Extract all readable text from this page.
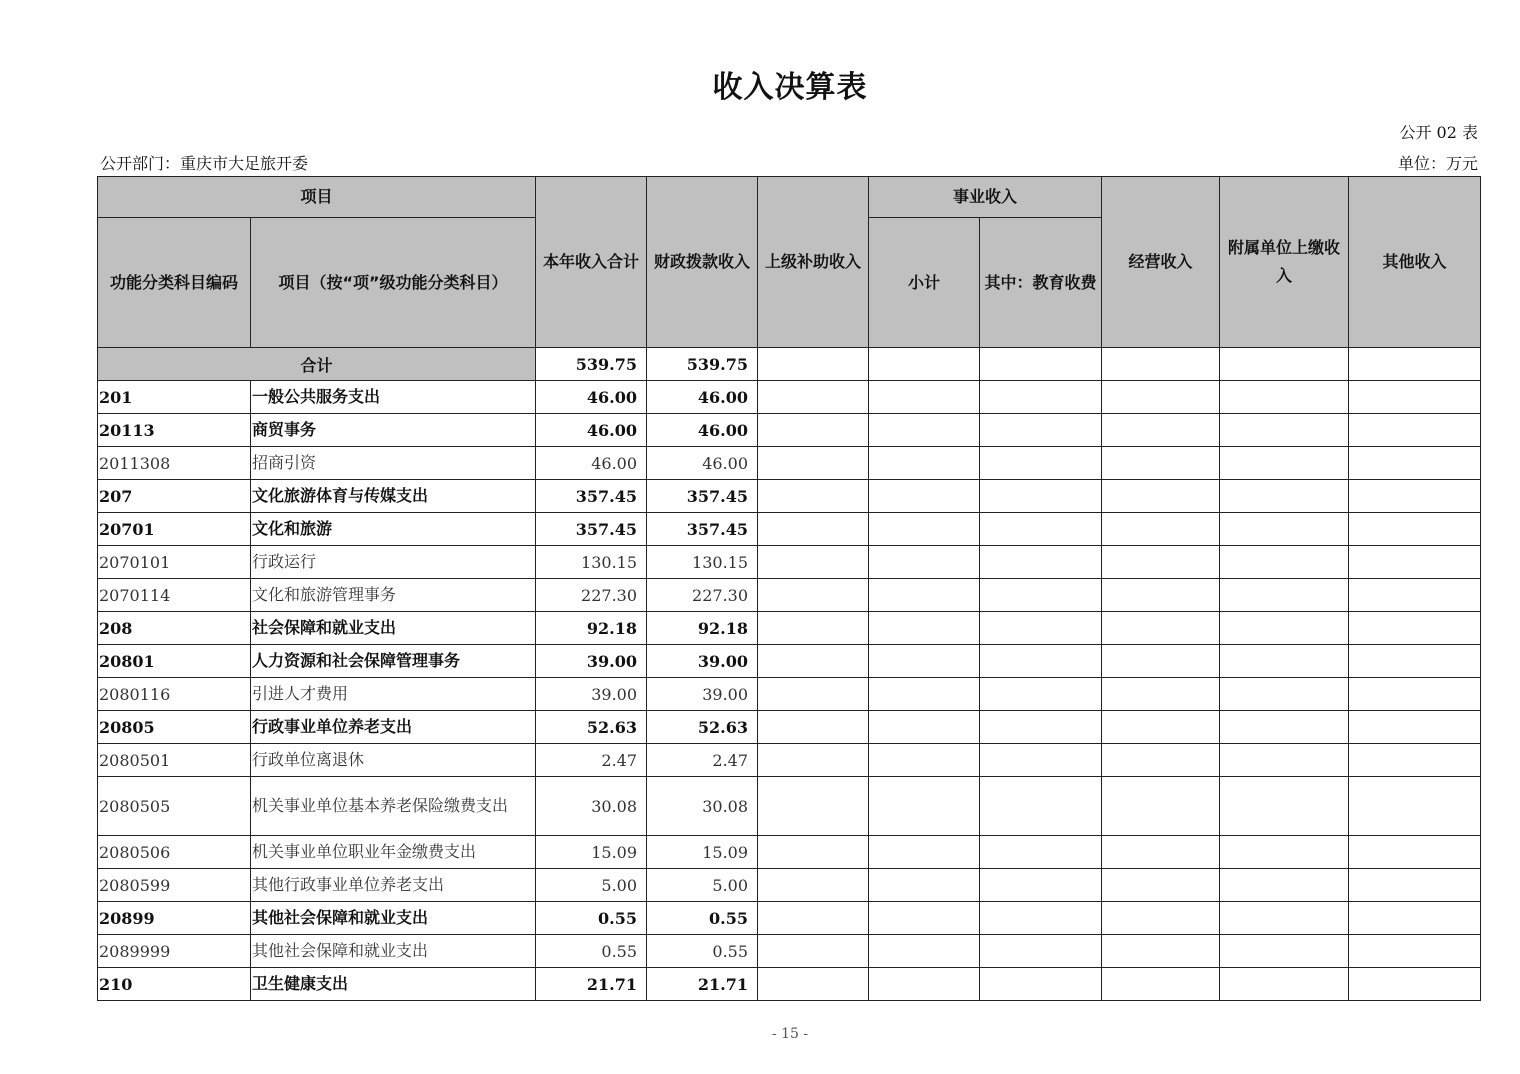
收入决算表
公开 02 表
公开部门：重庆市大足旅开委	单位：万元
项目		本年收入合计	财政拨款收入	上级补助收入	事业收入		经营收入	附属单位上缴收入	其他收入
功能分类科目编码	项目（按“项”级功能分类科目）				小计	其中：教育收费			
合计		539.75	539.75						
201	一般公共服务支出	46.00	46.00						
20113	商贸事务	46.00	46.00						
2011308	招商引资	46.00	46.00						
207	文化旅游体育与传媒支出	357.45	357.45						
20701	文化和旅游	357.45	357.45						
2070101	行政运行	130.15	130.15						
2070114	文化和旅游管理事务	227.30	227.30						
208	社会保障和就业支出	92.18	92.18						
20801	人力资源和社会保障管理事务	39.00	39.00						
2080116	引进人才费用	39.00	39.00						
20805	行政事业单位养老支出	52.63	52.63						
2080501	行政单位离退休	2.47	2.47						
2080505	机关事业单位基本养老保险缴费支出	30.08	30.08						
2080506	机关事业单位职业年金缴费支出	15.09	15.09						
2080599	其他行政事业单位养老支出	5.00	5.00						
20899	其他社会保障和就业支出	0.55	0.55						
2089999	其他社会保障和就业支出	0.55	0.55						
210	卫生健康支出	21.71	21.71						
- 15 -
